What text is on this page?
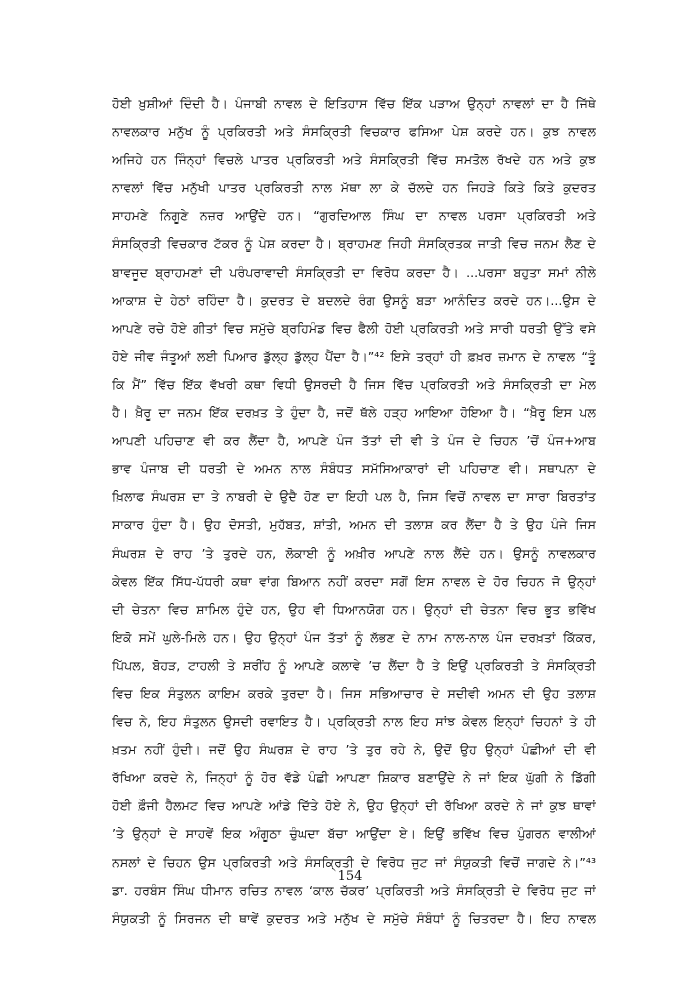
ਹੋਈ ਖ਼ੁਸ਼ੀਆਂ ਦਿੰਦੀ ਹੈ। ਪੰਜਾਬੀ ਨਾਵਲ ਦੇ ਇਤਿਹਾਸ ਵਿੱਚ ਇੱਕ ਪੜਾਅ ਉਨ੍ਹਾਂ ਨਾਵਲਾਂ ਦਾ ਹੈ ਜਿੱਥੇ
ਨਾਵਲਕਾਰ ਮਨੁੱਖ ਨੂੰ ਪ੍ਰਕਿਰਤੀ ਅਤੇ ਸੰਸਕ੍ਰਿਤੀ ਵਿਚਕਾਰ ਫਸਿਆ ਪੇਸ਼ ਕਰਦੇ ਹਨ। ਕੁਝ ਨਾਵਲ
ਅਜਿਹੇ ਹਨ ਜਿੰਨ੍ਹਾਂ ਵਿਚਲੇ ਪਾਤਰ ਪ੍ਰਕਿਰਤੀ ਅਤੇ ਸੰਸਕ੍ਰਿਤੀ ਵਿੱਚ ਸਮਤੋਲ ਰੱਖਦੇ ਹਨ ਅਤੇ ਕੁਝ
ਨਾਵਲਾਂ ਵਿੱਚ ਮਨੁੱਖੀ ਪਾਤਰ ਪ੍ਰਕਿਰਤੀ ਨਾਲ ਮੱਥਾ ਲਾ ਕੇ ਚੱਲਦੇ ਹਨ ਜਿਹੜੇ ਕਿਤੇ ਕਿਤੇ ਕੁਦਰਤ
ਸਾਹਮਣੇ ਨਿਗੂਣੇ ਨਜ਼ਰ ਆਉਂਦੇ ਹਨ। “ਗੁਰਦਿਆਲ ਸਿੰਘ ਦਾ ਨਾਵਲ ਪਰਸਾ ਪ੍ਰਕਿਰਤੀ ਅਤੇ
ਸੰਸਕ੍ਰਿਤੀ ਵਿਚਕਾਰ ਟੱਕਰ ਨੂੰ ਪੇਸ਼ ਕਰਦਾ ਹੈ। ਬ੍ਰਾਹਮਣ ਜਿਹੀ ਸੰਸਕ੍ਰਿਤਕ ਜਾਤੀ ਵਿਚ ਜਨਮ ਲੈਣ ਦੇ
ਬਾਵਜੂਦ ਬ੍ਰਾਹਮਣਾਂ ਦੀ ਪਰੰਪਰਾਵਾਦੀ ਸੰਸਕ੍ਰਿਤੀ ਦਾ ਵਿਰੋਧ ਕਰਦਾ ਹੈ। ...ਪਰਸਾ ਬਹੁਤਾ ਸਮਾਂ ਨੀਲੇ
ਆਕਾਸ਼ ਦੇ ਹੇਠਾਂ ਰਹਿੰਦਾ ਹੈ। ਕੁਦਰਤ ਦੇ ਬਦਲਦੇ ਰੰਗ ਉਸਨੂੰ ਬੜਾ ਆਨੰਦਿਤ ਕਰਦੇ ਹਨ।...ਉਸ ਦੇ
ਆਪਣੇ ਰਚੇ ਹੋਏ ਗੀਤਾਂ ਵਿਚ ਸਮੁੱਚੇ ਬ੍ਰਹਿਮੰਡ ਵਿਚ ਫੈਲੀ ਹੋਈ ਪ੍ਰਕਿਰਤੀ ਅਤੇ ਸਾਰੀ ਧਰਤੀ ਉੱਤੇ ਵਸੇ
ਹੋਏ ਜੀਵ ਜੰਤੂਆਂ ਲਈ ਪਿਆਰ ਡੁੱਲ੍ਹ ਡੁੱਲ੍ਹ ਪੈਂਦਾ ਹੈ।”⁴² ਇਸੇ ਤਰ੍ਹਾਂ ਹੀ ਫ਼ਖ਼ਰ ਜ਼ਮਾਨ ਦੇ ਨਾਵਲ “ਤੂੰ
ਕਿ ਮੈਂ” ਵਿੱਚ ਇੱਕ ਵੱਖਰੀ ਕਥਾ ਵਿਧੀ ਉਸਰਦੀ ਹੈ ਜਿਸ ਵਿੱਚ ਪ੍ਰਕਿਰਤੀ ਅਤੇ ਸੰਸਕ੍ਰਿਤੀ ਦਾ ਮੇਲ
ਹੈ। ਖ਼ੈਰੂ ਦਾ ਜਨਮ ਇੱਕ ਦਰਖ਼ਤ ਤੇ ਹੁੰਦਾ ਹੈ, ਜਦੋਂ ਥੱਲੇ ਹੜ੍ਹ ਆਇਆ ਹੋਇਆ ਹੈ। “ਖ਼ੈਰੂ ਇਸ ਪਲ
ਆਪਣੀ ਪਹਿਚਾਣ ਵੀ ਕਰ ਲੈਂਦਾ ਹੈ, ਆਪਣੇ ਪੰਜ ਤੱਤਾਂ ਦੀ ਵੀ ਤੇ ਪੰਜ ਦੇ ਚਿਹਨ ’ਚੋਂ ਪੰਜ+ਆਬ
ਭਾਵ ਪੰਜਾਬ ਦੀ ਧਰਤੀ ਦੇ ਅਮਨ ਨਾਲ ਸੰਬੰਧਤ ਸਮੱਸਿਆਕਾਰਾਂ ਦੀ ਪਹਿਚਾਣ ਵੀ। ਸਥਾਪਨਾ ਦੇ
ਖ਼ਿਲਾਫ ਸੰਘਰਸ਼ ਦਾ ਤੇ ਨਾਬਰੀ ਦੇ ਉਦੈ ਹੋਣ ਦਾ ਇਹੀ ਪਲ ਹੈ, ਜਿਸ ਵਿਚੋਂ ਨਾਵਲ ਦਾ ਸਾਰਾ ਬਿਰਤਾਂਤ
ਸਾਕਾਰ ਹੁੰਦਾ ਹੈ। ਉਹ ਦੋਸਤੀ, ਮੁਹੱਬਤ, ਸ਼ਾਂਤੀ, ਅਮਨ ਦੀ ਤਲਾਸ਼ ਕਰ ਲੈਂਦਾ ਹੈ ਤੇ ਉਹ ਪੰਜੇ ਜਿਸ
ਸੰਘਰਸ਼ ਦੇ ਰਾਹ ’ਤੇ ਤੁਰਦੇ ਹਨ, ਲੋਕਾਈ ਨੂੰ ਅਖ਼ੀਰ ਆਪਣੇ ਨਾਲ ਲੈਂਦੇ ਹਨ। ਉਸਨੂੰ ਨਾਵਲਕਾਰ
ਕੇਵਲ ਇੱਕ ਸਿੱਧ-ਪੱਧਰੀ ਕਥਾ ਵਾਂਗ ਬਿਆਨ ਨਹੀਂ ਕਰਦਾ ਸਗੋਂ ਇਸ ਨਾਵਲ ਦੇ ਹੋਰ ਚਿਹਨ ਜੋ ਉਨ੍ਹਾਂ
ਦੀ ਚੇਤਨਾ ਵਿਚ ਸ਼ਾਮਿਲ ਹੁੰਦੇ ਹਨ, ਉਹ ਵੀ ਧਿਆਨਯੋਗ ਹਨ। ਉਨ੍ਹਾਂ ਦੀ ਚੇਤਨਾ ਵਿਚ ਭੂਤ ਭਵਿੱਖ
ਇਕੋ ਸਮੇਂ ਘੁਲੇ-ਮਿਲੇ ਹਨ। ਉਹ ਉਨ੍ਹਾਂ ਪੰਜ ਤੱਤਾਂ ਨੂੰ ਲੱਭਣ ਦੇ ਨਾਮ ਨਾਲ-ਨਾਲ ਪੰਜ ਦਰਖ਼ਤਾਂ ਕਿੱਕਰ,
ਪਿੱਪਲ, ਬੋਹੜ, ਟਾਹਲੀ ਤੇ ਸ਼ਰੀਂਹ ਨੂੰ ਆਪਣੇ ਕਲਾਵੇ ’ਚ ਲੈਂਦਾ ਹੈ ਤੇ ਇਉਂ ਪ੍ਰਕਿਰਤੀ ਤੇ ਸੰਸਕ੍ਰਿਤੀ
ਵਿਚ ਇਕ ਸੰਤੁਲਨ ਕਾਇਮ ਕਰਕੇ ਤੁਰਦਾ ਹੈ। ਜਿਸ ਸਭਿਆਚਾਰ ਦੇ ਸਦੀਵੀ ਅਮਨ ਦੀ ਉਹ ਤਲਾਸ਼
ਵਿਚ ਨੇ, ਇਹ ਸੰਤੁਲਨ ਉਸਦੀ ਰਵਾਇਤ ਹੈ। ਪ੍ਰਕ੍ਰਿਤੀ ਨਾਲ ਇਹ ਸਾਂਝ ਕੇਵਲ ਇਨ੍ਹਾਂ ਚਿਹਨਾਂ ਤੇ ਹੀ
ਖ਼ਤਮ ਨਹੀਂ ਹੁੰਦੀ। ਜਦੋਂ ਉਹ ਸੰਘਰਸ਼ ਦੇ ਰਾਹ ’ਤੇ ਤੁਰ ਰਹੇ ਨੇ, ਉਦੋਂ ਉਹ ਉਨ੍ਹਾਂ ਪੰਛੀਆਂ ਦੀ ਵੀ
ਰੱਖਿਆ ਕਰਦੇ ਨੇ, ਜਿਨ੍ਹਾਂ ਨੂੰ ਹੋਰ ਵੱਡੇ ਪੰਛੀ ਆਪਣਾ ਸ਼ਿਕਾਰ ਬਣਾਉਂਦੇ ਨੇ ਜਾਂ ਇਕ ਘੁੱਗੀ ਨੇ ਡਿੱਗੀ
ਹੋਈ ਫ਼ੌਜੀ ਹੈਲਮਟ ਵਿਚ ਆਪਣੇ ਆਂਡੇ ਦਿੱਤੇ ਹੋਏ ਨੇ, ਉਹ ਉਨ੍ਹਾਂ ਦੀ ਰੱਖਿਆ ਕਰਦੇ ਨੇ ਜਾਂ ਕੁਝ ਥਾਵਾਂ
’ਤੇ ਉਨ੍ਹਾਂ ਦੇ ਸਾਹਵੇਂ ਇਕ ਅੰਗੂਠਾ ਚੁੰਘਦਾ ਬੱਚਾ ਆਉਂਦਾ ਏ। ਇਉਂ ਭਵਿੱਖ ਵਿਚ ਪੁੰਗਰਨ ਵਾਲੀਆਂ
ਨਸਲਾਂ ਦੇ ਚਿਹਨ ਉਸ ਪ੍ਰਕਿਰਤੀ ਅਤੇ ਸੰਸਕ੍ਰਿਤੀ ਦੇ ਵਿਰੋਧ ਜੁਟ ਜਾਂ ਸੰਯੁਕਤੀ ਵਿਚੋਂ ਜਾਗਦੇ ਨੇ।”⁴³
ਡਾ. ਹਰਬੰਸ ਸਿੰਘ ਧੀਮਾਨ ਰਚਿਤ ਨਾਵਲ ‘ਕਾਲ ਚੱਕਰ’ ਪ੍ਰਕਿਰਤੀ ਅਤੇ ਸੰਸਕ੍ਰਿਤੀ ਦੇ ਵਿਰੋਧ ਜੁਟ ਜਾਂ
ਸੰਯੁਕਤੀ ਨੂੰ ਸਿਰਜਨ ਦੀ ਥਾਵੇਂ ਕੁਦਰਤ ਅਤੇ ਮਨੁੱਖ ਦੇ ਸਮੁੱਚੇ ਸੰਬੰਧਾਂ ਨੂੰ ਚਿਤਰਦਾ ਹੈ। ਇਹ ਨਾਵਲ
154
